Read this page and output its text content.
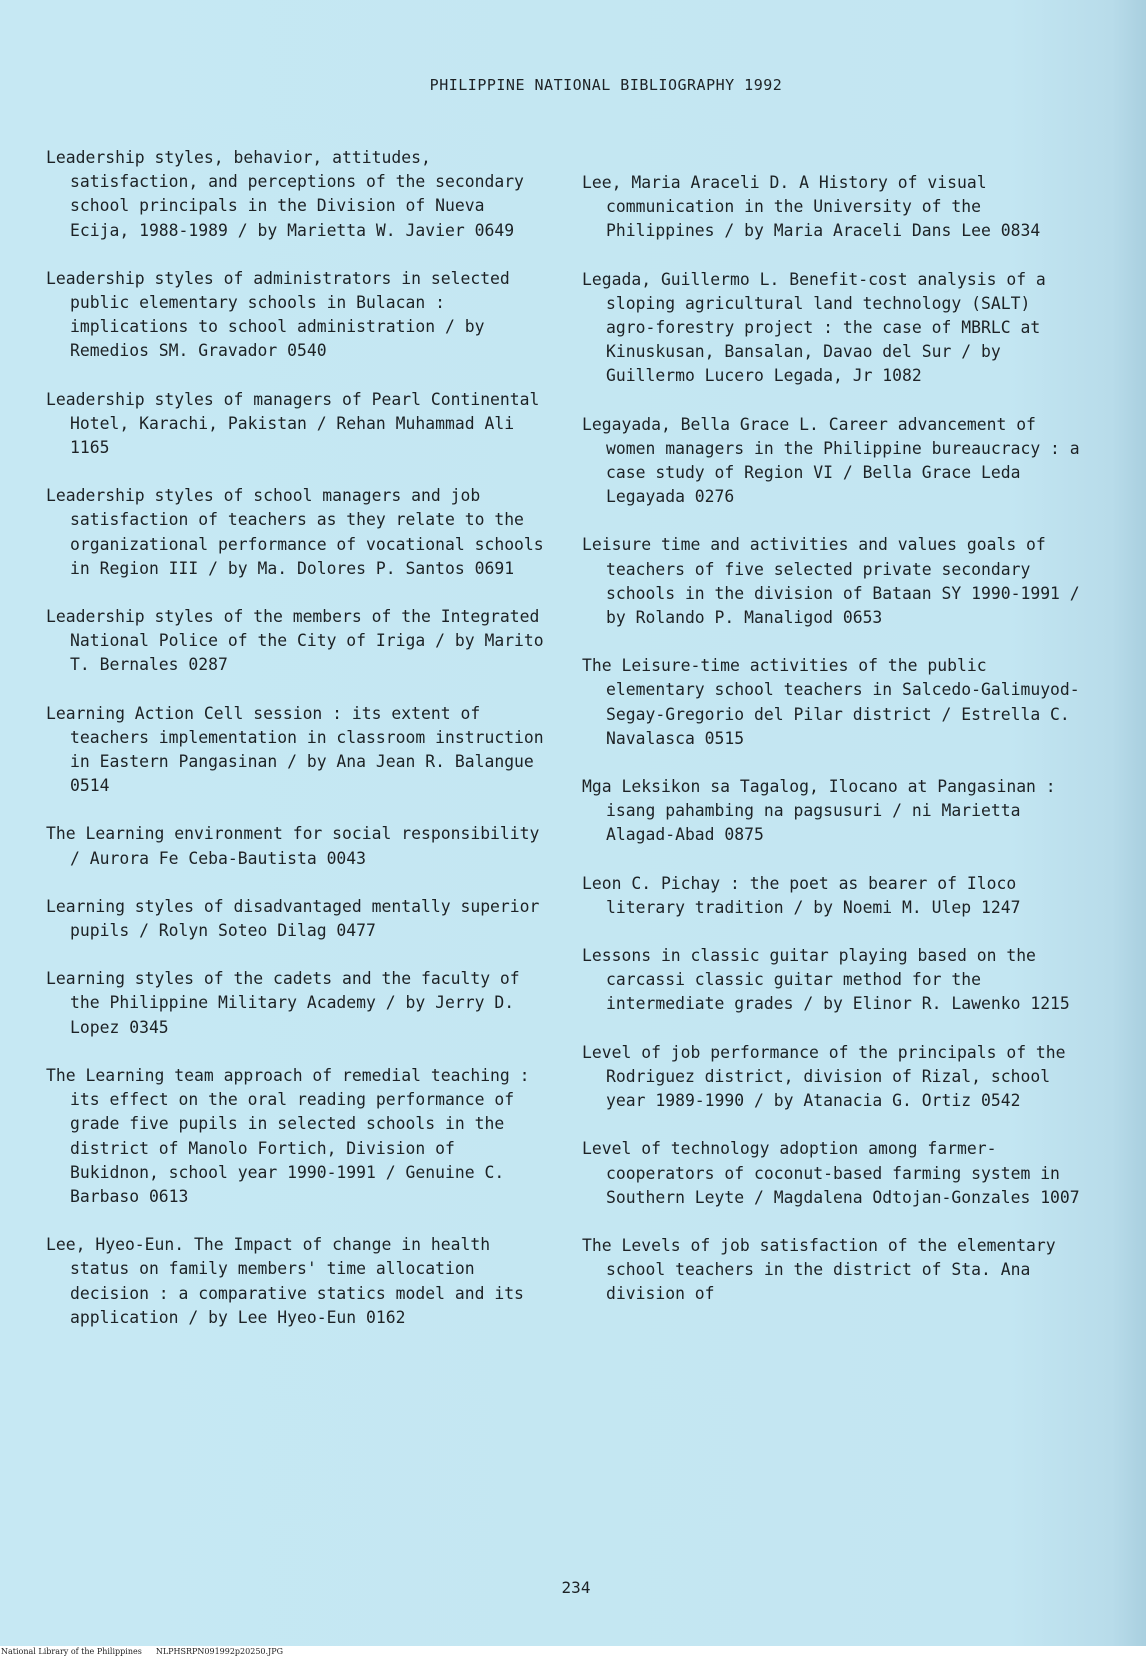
PHILIPPINE NATIONAL BIBLIOGRAPHY 1992
Leadership styles, behavior, attitudes, satisfaction, and perceptions of the secondary school principals in the Division of Nueva Ecija, 1988-1989 / by Marietta W. Javier 0649
Leadership styles of administrators in selected public elementary schools in Bulacan : implications to school administration / by Remedios SM. Gravador 0540
Leadership styles of managers of Pearl Continental Hotel, Karachi, Pakistan / Rehan Muhammad Ali 1165
Leadership styles of school managers and job satisfaction of teachers as they relate to the organizational performance of vocational schools in Region III / by Ma. Dolores P. Santos 0691
Leadership styles of the members of the Integrated National Police of the City of Iriga / by Marito T. Bernales 0287
Learning Action Cell session : its extent of teachers implementation in classroom instruction in Eastern Pangasinan / by Ana Jean R. Balangue 0514
The Learning environment for social responsibility / Aurora Fe Ceba-Bautista 0043
Learning styles of disadvantaged mentally superior pupils / Rolyn Soteo Dilag 0477
Learning styles of the cadets and the faculty of the Philippine Military Academy / by Jerry D. Lopez 0345
The Learning team approach of remedial teaching : its effect on the oral reading performance of grade five pupils in selected schools in the district of Manolo Fortich, Division of Bukidnon, school year 1990-1991 / Genuine C. Barbaso 0613
Lee, Hyeo-Eun. The Impact of change in health status on family members' time allocation decision : a comparative statics model and its application / by Lee Hyeo-Eun 0162
Lee, Maria Araceli D. A History of visual communication in the University of the Philippines / by Maria Araceli Dans Lee 0834
Legada, Guillermo L. Benefit-cost analysis of a sloping agricultural land technology (SALT) agro-forestry project : the case of MBRLC at Kinuskusan, Bansalan, Davao del Sur / by Guillermo Lucero Legada, Jr 1082
Legayada, Bella Grace L. Career advancement of women managers in the Philippine bureaucracy : a case study of Region VI / Bella Grace Leda Legayada 0276
Leisure time and activities and values goals of teachers of five selected private secondary schools in the division of Bataan SY 1990-1991 / by Rolando P. Manaligod 0653
The Leisure-time activities of the public elementary school teachers in Salcedo-Galimuyod-Segay-Gregorio del Pilar district / Estrella C. Navalasca 0515
Mga Leksikon sa Tagalog, Ilocano at Pangasinan : isang pahambing na pagsusuri / ni Marietta Alagad-Abad 0875
Leon C. Pichay : the poet as bearer of Iloco literary tradition / by Noemi M. Ulep 1247
Lessons in classic guitar playing based on the carcassi classic guitar method for the intermediate grades / by Elinor R. Lawenko 1215
Level of job performance of the principals of the Rodriguez district, division of Rizal, school year 1989-1990 / by Atanacia G. Ortiz 0542
Level of technology adoption among farmer-cooperators of coconut-based farming system in Southern Leyte / Magdalena Odtojan-Gonzales 1007
The Levels of job satisfaction of the elementary school teachers in the district of Sta. Ana division of
234
National Library of the Philippines NLPHSRPN091992p20250.JPG
